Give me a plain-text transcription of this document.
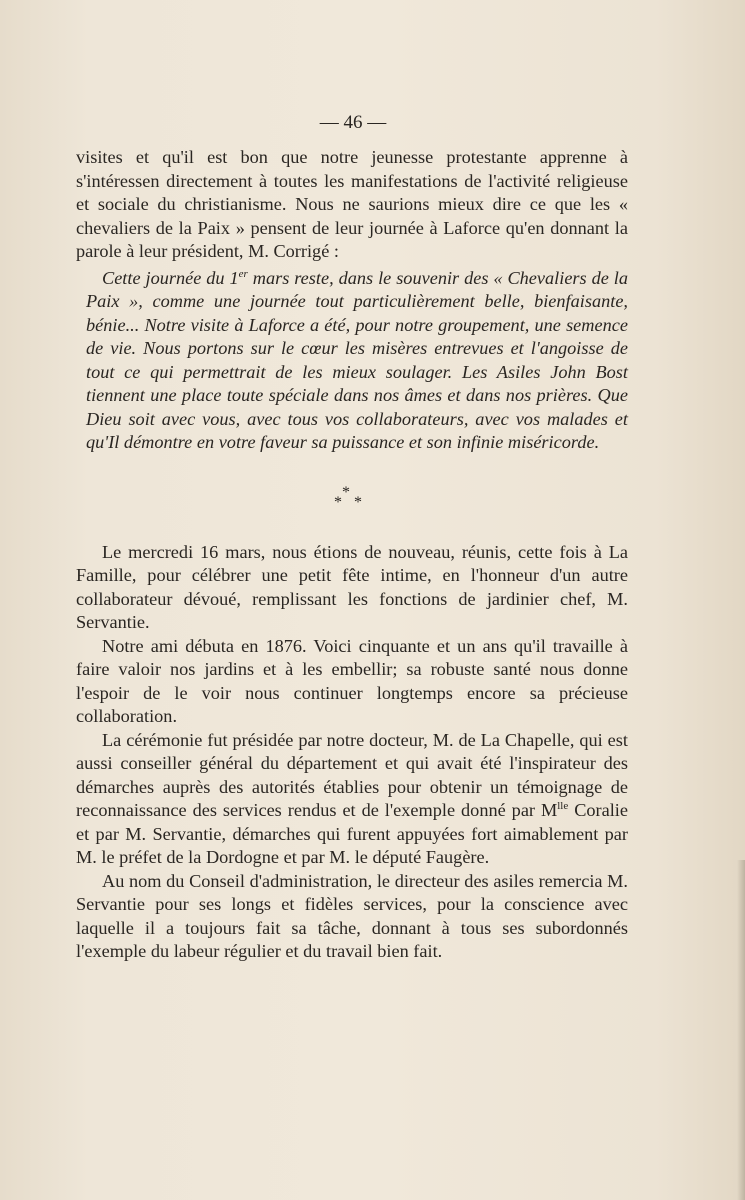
— 46 —

visites et qu'il est bon que notre jeunesse protestante apprenne à s'intéressen directement à toutes les manifestations de l'activité religieuse et sociale du christianisme. Nous ne saurions mieux dire ce que les « chevaliers de la Paix » pensent de leur journée à Laforce qu'en donnant la parole à leur président, M. Corrigé :

Cette journée du 1er mars reste, dans le souvenir des « Chevaliers de la Paix », comme une journée tout particulièrement belle, bienfaisante, bénie... Notre visite à Laforce a été, pour notre groupement, une semence de vie. Nous portons sur le cœur les misères entrevues et l'angoisse de tout ce qui permettrait de les mieux soulager. Les Asiles John Bost tiennent une place toute spéciale dans nos âmes et dans nos prières. Que Dieu soit avec vous, avec tous vos collaborateurs, avec vos malades et qu'Il démontre en votre faveur sa puissance et son infinie miséricorde.

*
* *

Le mercredi 16 mars, nous étions de nouveau, réunis, cette fois à La Famille, pour célébrer une petit fête intime, en l'honneur d'un autre collaborateur dévoué, remplissant les fonctions de jardinier chef, M. Servantie.

Notre ami débuta en 1876. Voici cinquante et un ans qu'il travaille à faire valoir nos jardins et à les embellir; sa robuste santé nous donne l'espoir de le voir nous continuer longtemps encore sa précieuse collaboration.

La cérémonie fut présidée par notre docteur, M. de La Chapelle, qui est aussi conseiller général du département et qui avait été l'inspirateur des démarches auprès des autorités établies pour obtenir un témoignage de reconnaissance des services rendus et de l'exemple donné par $M^{lle}$ Coralie et par M. Servantie, démarches qui furent appuyées fort aimablement par M. le préfet de la Dordogne et par M. le député Faugère.

Au nom du Conseil d'administration, le directeur des asiles remercia M. Servantie pour ses longs et fidèles services, pour la conscience avec laquelle il a toujours fait sa tâche, donnant à tous ses subordonnés l'exemple du labeur régulier et du travail bien fait.
